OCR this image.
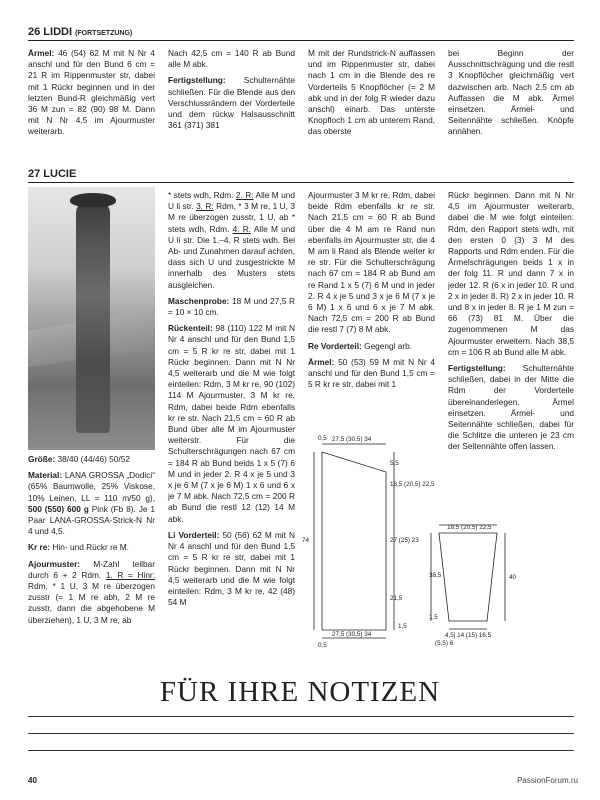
26 LIDDI (FORTSETZUNG)

Ärmel: 46 (54) 62 M mit N Nr 4 anschl und für den Bund 6 cm = 21 R im Rippenmuster str, dabei mit 1 Rückr beginnen und in der letzten Bund-R gleichmäßig vert 36 M zun = 82 (90) 98 M. Dann mit N Nr 4,5 im Ajourmuster weiterarb.

Nach 42,5 cm = 140 R ab Bund alle M abk.

Fertigstellung: Schulternähte schließen. Für die Blende aus den Verschlussrändern der Vorderteile und dem rückw Halsausschnitt 361 (371) 381

M mit der Rundstrick-N auffassen und im Rippenmuster str, dabei nach 1 cm in die Blende des re Vorderteils 5 Knopflöcher (= 2 M abk und in der folg R wieder dazu anschl) einarb. Das unterste Knopfloch 1 cm ab unterem Rand, das oberste

bei Beginn der Ausschnittschrägung und die restl 3 Knopflöcher gleichmäßig vert dazwischen arb. Nach 2,5 cm ab Auffassen die M abk. Ärmel einsetzen. Ärmel- und Seitennähte schließen. Knöpfe annähen.

27 LUCIE

Größe: 38/40 (44/46) 50/52

Material: LANA GROSSA „Dodici“ (65% Baumwolle, 25% Viskose, 10% Leinen, LL = 110 m/50 g), 500 (550) 600 g Pink (Fb 8). Je 1 Paar LANA-GROSSA-Strick-N Nr 4 und 4,5.

Kr re: Hin- und Rückr re M.

Ajourmuster: M-Zahl teilbar durch 6 + 2 Rdm. 1. R = Hinr: Rdm, * 1 U, 3 M re überzogen zusstr (= 1 M re abh, 2 M re zusstr, dann die abgehobene M überziehen), 1 U, 3 M re, ab

* stets wdh, Rdm. 2. R: Alle M und U li str. 3. R: Rdm, * 3 M re, 1 U, 3 M re überzogen zusstr, 1 U, ab * stets wdh, Rdm. 4. R: Alle M und U li str. Die 1.–4. R stets wdh. Bei Ab- und Zunahmen darauf achten, dass sich U und zusgestrickte M innerhalb des Musters stets ausgleichen.

Maschenprobe: 18 M und 27,5 R = 10 × 10 cm.

Rückenteil: 98 (110) 122 M mit N Nr 4 anschl und für den Bund 1,5 cm = 5 R kr re str, dabei mit 1 Rückr beginnen. Dann mit N Nr 4,5 weiterarb und die M wie folgt einteilen: Rdm, 3 M kr re, 90 (102) 114 M Ajourmuster, 3 M kr re, Rdm, dabei beide Rdm ebenfalls kr re str. Nach 21,5 cm = 60 R ab Bund über alle M im Ajourmuster weiterstr. Für die Schulterschrägungen nach 67 cm = 184 R ab Bund beids 1 x 5 (7) 6 M und in jeder 2. R 4 x je 5 und 3 x je 6 M (7 x je 6 M) 1 x 6 und 6 x je 7 M abk. Nach 72,5 cm = 200 R ab Bund die restl 12 (12) 14 M abk.

Li Vorderteil: 50 (56) 62 M mit N Nr 4 anschl und für den Bund 1,5 cm = 5 R kr re str, dabei mit 1 Rückr beginnen. Dann mit N Nr 4,5 weiterarb und die M wie folgt einteilen: Rdm, 3 M kr re, 42 (48) 54 M

Ajourmuster 3 M kr re, Rdm, dabei beide Rdm ebenfalls kr re str. Nach 21,5 cm = 60 R ab Bund über die 4 M am re Rand nun ebenfalls im Ajourmuster str, die 4 M am li Rand als Blende weiter kr re str. Für die Schulterschrägung nach 67 cm = 184 R ab Bund am re Rand 1 x 5 (7) 6 M und in jeder 2. R 4 x je 5 und 3 x je 6 M (7 x je 6 M) 1 x 6 und 6 x je 7 M abk. Nach 72,5 cm = 200 R ab Bund die restl 7 (7) 8 M abk.

Re Vorderteil: Gegengl arb.

Ärmel: 50 (53) 59 M mit N Nr 4 anschl und für den Bund 1,5 cm = 5 R kr re str, dabei mit 1

Rückr beginnen. Dann mit N Nr 4,5 im Ajourmuster weiterarb, dabei die M wie folgt einteilen: Rdm, den Rapport stets wdh, mit den ersten 0 (3) 3 M des Rapports und Rdm enden. Für die Ärmelschrägungen beids 1 x in der folg 11. R und dann 7 x in jeder 12. R (6 x in jeder 10. R und 2 x in jeder 8. R) 2 x in jeder 10. R und 8 x in jeder 8. R je 1 M zun = 66 (73) 81 M. Über die zugenommenen M das Ajourmuster erweitern. Nach 38,5 cm = 106 R ab Bund alle M abk.

Fertigstellung: Schulternähte schließen, dabei in der Mitte die Rdm der Vorderteile übereinanderlegen. Ärmel einsetzen. Ärmel- und Seitennähte schließen, dabei für die Schlitze die unteren je 23 cm der Seitennähte offen lassen.

0,5 27,5 (30,5) 34
5,5
18,5 (20,5) 22,5
74	27 (25) 23
21,5
27,5 (30,5) 34
1,5
0,5
18,5 (20,5) 22,5
38,5	40
1,5
4,5| 14 (15) 16,5
(5,5) 6
FÜR IHRE NOTIZEN
40	PassionForum.ru
